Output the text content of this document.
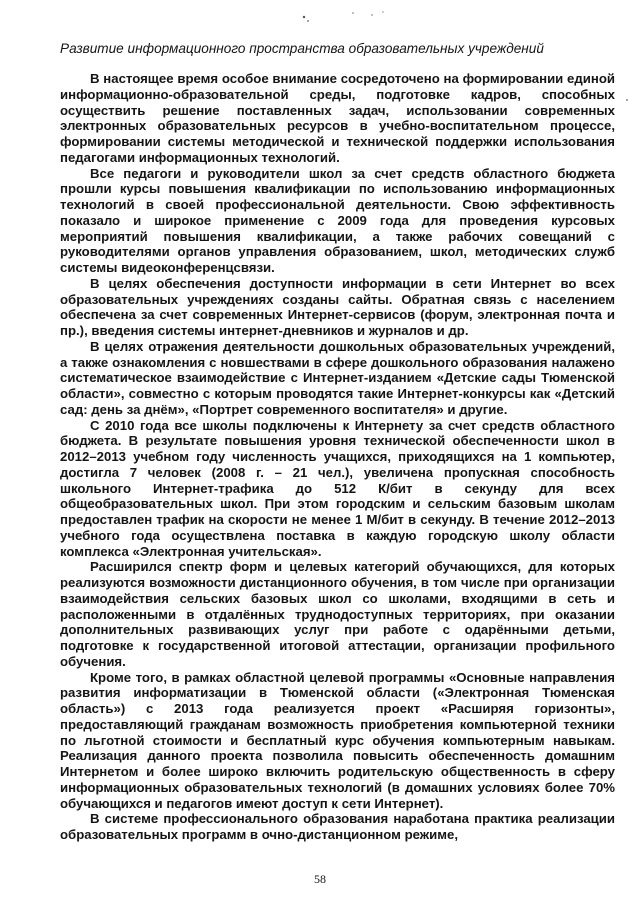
Развитие информационного пространства образовательных учреждений

В настоящее время особое внимание сосредоточено на формировании единой информационно-образовательной среды, подготовке кадров, способных осуществить решение поставленных задач, использовании современных электронных образовательных ресурсов в учебно-воспитательном процессе, формировании системы методической и технической поддержки использования педагогами информационных технологий.

Все педагоги и руководители школ за счет средств областного бюджета прошли курсы повышения квалификации по использованию информационных технологий в своей профессиональной деятельности. Свою эффективность показало и широкое применение с 2009 года для проведения курсовых мероприятий повышения квалификации, а также рабочих совещаний с руководителями органов управления образованием, школ, методических служб системы видеоконференцсвязи.

В целях обеспечения доступности информации в сети Интернет во всех образовательных учреждениях созданы сайты. Обратная связь с населением обеспечена за счет современных Интернет-сервисов (форум, электронная почта и пр.), введения системы интернет-дневников и журналов и др.

В целях отражения деятельности дошкольных образовательных учреждений, а также ознакомления с новшествами в сфере дошкольного образования налажено систематическое взаимодействие с Интернет-изданием «Детские сады Тюменской области», совместно с которым проводятся такие Интернет-конкурсы как «Детский сад: день за днём», «Портрет современного воспитателя» и другие.

С 2010 года все школы подключены к Интернету за счет средств областного бюджета. В результате повышения уровня технической обеспеченности школ в 2012–2013 учебном году численность учащихся, приходящихся на 1 компьютер, достигла 7 человек (2008 г. – 21 чел.), увеличена пропускная способность школьного Интернет-трафика до 512 К/бит в секунду для всех общеобразовательных школ. При этом городским и сельским базовым школам предоставлен трафик на скорости не менее 1 М/бит в секунду. В течение 2012–2013 учебного года осуществлена поставка в каждую городскую школу области комплекса «Электронная учительская».

Расширился спектр форм и целевых категорий обучающихся, для которых реализуются возможности дистанционного обучения, в том числе при организации взаимодействия сельских базовых школ со школами, входящими в сеть и расположенными в отдалённых труднодоступных территориях, при оказании дополнительных развивающих услуг при работе с одарёнными детьми, подготовке к государственной итоговой аттестации, организации профильного обучения.

Кроме того, в рамках областной целевой программы «Основные направления развития информатизации в Тюменской области («Электронная Тюменская область») с 2013 года реализуется проект «Расширяя горизонты», предоставляющий гражданам возможность приобретения компьютерной техники по льготной стоимости и бесплатный курс обучения компьютерным навыкам. Реализация данного проекта позволила повысить обеспеченность домашним Интернетом и более широко включить родительскую общественность в сферу информационных образовательных технологий (в домашних условиях более 70% обучающихся и педагогов имеют доступ к сети Интернет).

В системе профессионального образования наработана практика реализации образовательных программ в очно-дистанционном режиме,

58
